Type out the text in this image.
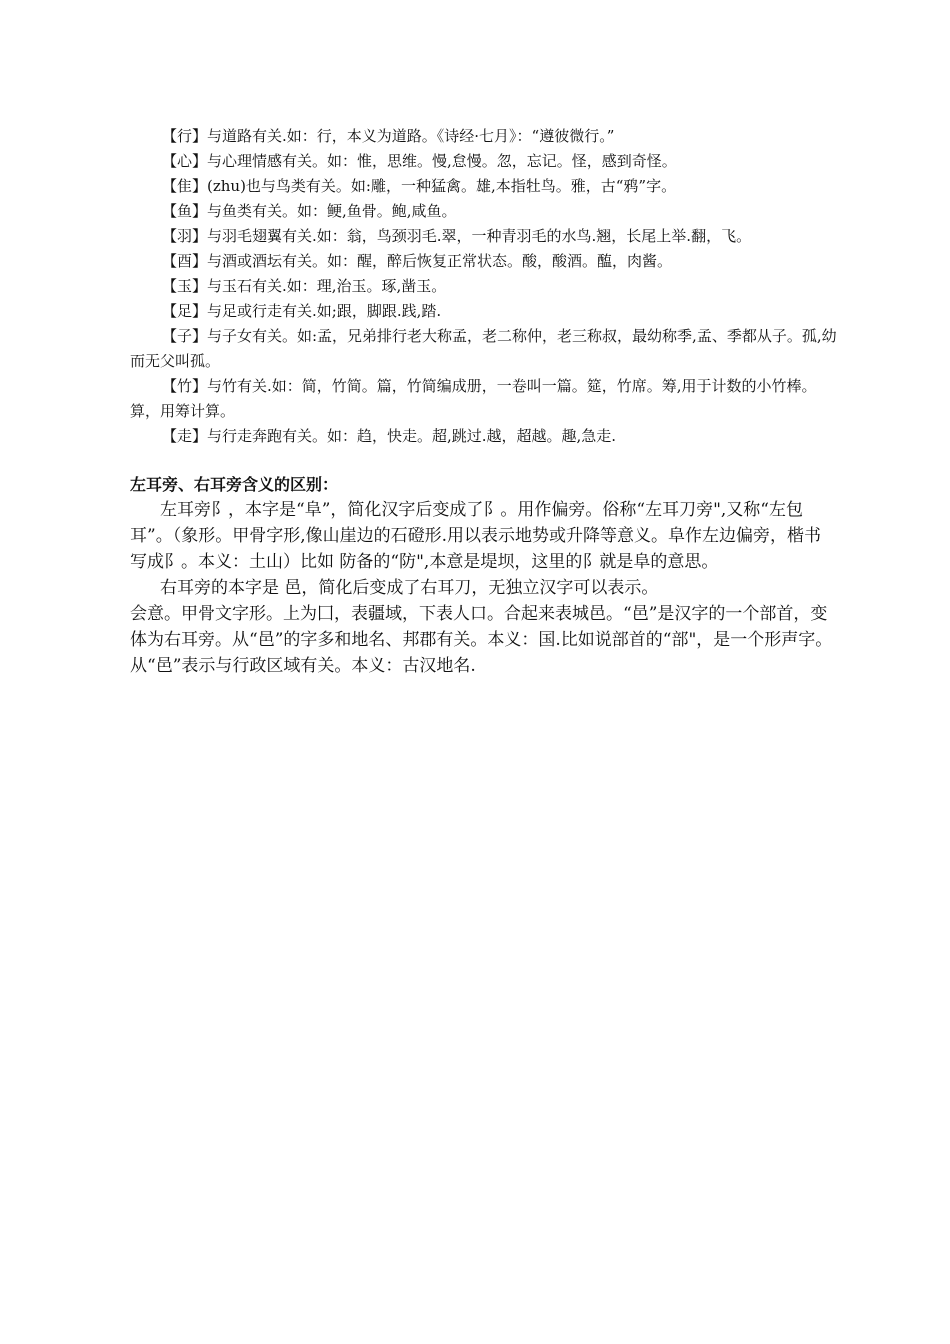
【行】与道路有关.如：行，本义为道路。《诗经·七月》：“遵彼微行。”

【心】与心理情感有关。如：惟，思维。慢,怠慢。忽，忘记。怪，感到奇怪。

【隹】(zhu)也与鸟类有关。如:雕，一种猛禽。雄,本指牡鸟。雅，古“鸦”字。

【鱼】与鱼类有关。如：鲠,鱼骨。鲍,咸鱼。

【羽】与羽毛翅翼有关.如：翁，鸟颈羽毛.翠，一种青羽毛的水鸟.翘，长尾上举.翻，飞。

【酉】与酒或酒坛有关。如：醒，醉后恢复正常状态。酸，酸酒。醢，肉酱。

【玉】与玉石有关.如：理,治玉。琢,凿玉。

【足】与足或行走有关.如;跟，脚跟.践,踏.

【子】与子女有关。如:孟，兄弟排行老大称孟，老二称仲，老三称叔，最幼称季,孟、季都从子。孤,幼而无父叫孤。

【竹】与竹有关.如：简，竹简。篇，竹简编成册，一卷叫一篇。筵，竹席。筹,用于计数的小竹棒。算，用筹计算。

【走】与行走奔跑有关。如：趋，快走。超,跳过.越，超越。趣,急走.

左耳旁、右耳旁含义的区别：

左耳旁阝，本字是“阜”，简化汉字后变成了阝。用作偏旁。俗称“左耳刀旁",又称“左包耳”。（象形。甲骨字形,像山崖边的石磴形.用以表示地势或升降等意义。阜作左边偏旁，楷书写成阝。本义：土山）比如 防备的“防",本意是堤坝，这里的阝就是阜的意思。

右耳旁的本字是 邑，简化后变成了右耳刀，无独立汉字可以表示。

会意。甲骨文字形。上为囗，表疆域，下表人口。合起来表城邑。“邑”是汉字的一个部首，变体为右耳旁。从“邑”的字多和地名、邦郡有关。本义：国.比如说部首的“部"，是一个形声字。从“邑”表示与行政区域有关。本义：古汉地名.
